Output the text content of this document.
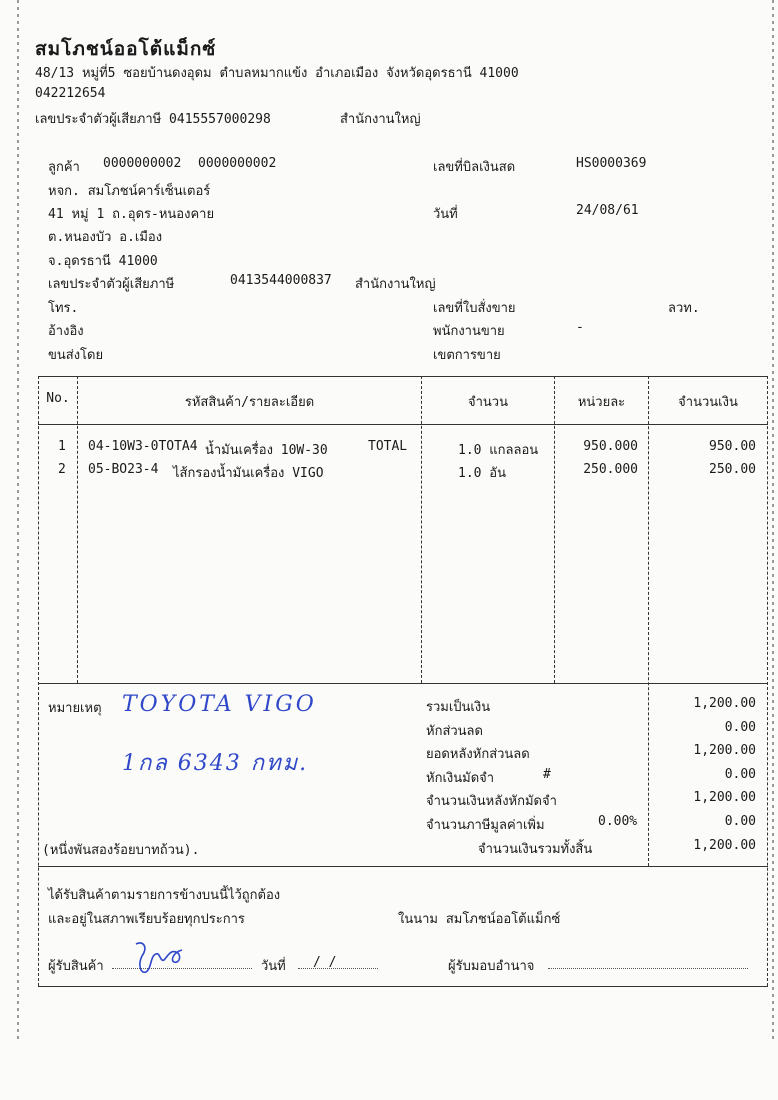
สมโภชน์ออโต้แม็กซ์
48/13 หมู่ที่5 ซอยบ้านดงอุดม ตำบลหมากแข้ง อำเภอเมือง จังหวัดอุดรธานี 41000
042212654
เลขประจำตัวผู้เสียภาษี 0415557000298	สำนักงานใหญ่
ลูกค้า 0000000002 0000000002
หจก. สมโภชน์คาร์เซ็นเตอร์
41 หมู่ 1 ถ.อุดร-หนองคาย
ต.หนองบัว อ.เมือง
จ.อุดรธานี 41000
เลขประจำตัวผู้เสียภาษี	0413544000837 สำนักงานใหญ่
โทร.
อ้างอิง
ขนส่งโดย
เลขที่บิลเงินสด	HS0000369
วันที่	24/08/61
เลขที่ใบสั่งขาย	ลวท.
พนักงานขาย	-
เขตการขาย
No.	รหัสสินค้า/รายละเอียด	จำนวน	หน่วยละ	จำนวนเงิน
1 04-10W3-0TOTA4 น้ำมันเครื่อง 10W-30	TOTAL	1.0 แกลลอน	950.000	950.00
2 05-BO23-4 ไส้กรองน้ำมันเครื่อง VIGO	1.0 อัน	250.000	250.00
หมายเหตุ TOYOTA VIGO
1กล 6343 กทม.
(หนึ่งพันสองร้อยบาทถ้วน).
รวมเป็นเงิน	1,200.00
หักส่วนลด	0.00
ยอดหลังหักส่วนลด	1,200.00
หักเงินมัดจำ	#	0.00
จำนวนเงินหลังหักมัดจำ	1,200.00
จำนวนภาษีมูลค่าเพิ่ม	0.00%	0.00
จำนวนเงินรวมทั้งสิ้น	1,200.00
ได้รับสินค้าตามรายการข้างบนนี้ไว้ถูกต้อง
และอยู่ในสภาพเรียบร้อยทุกประการ	ในนาม สมโภชน์ออโต้แม็กซ์
ผู้รับสินค้า	วันที่ / /	ผู้รับมอบอำนาจ
